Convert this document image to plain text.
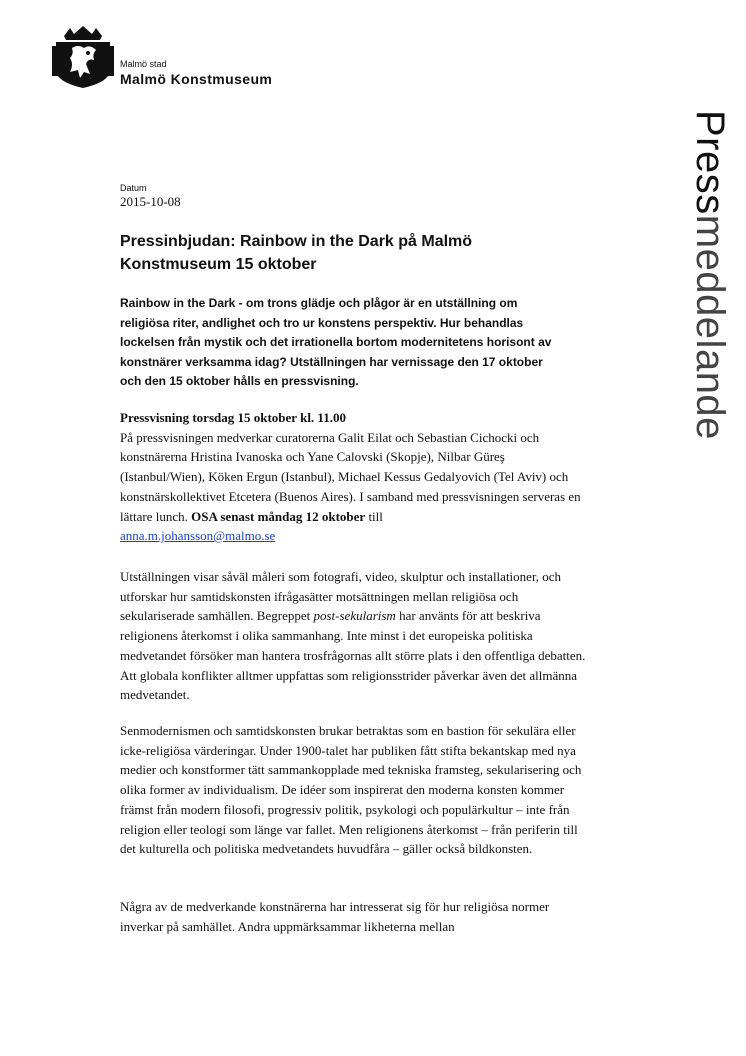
Malmö stad
Malmö Konstmuseum
Pressmeddelande
Datum
2015-10-08
Pressinbjudan: Rainbow in the Dark på Malmö Konstmuseum 15 oktober
Rainbow in the Dark - om trons glädje och plågor är en utställning om religiösa riter, andlighet och tro ur konstens perspektiv. Hur behandlas lockelsen från mystik och det irrationella bortom modernitetens horisont av konstnärer verksamma idag? Utställningen har vernissage den 17 oktober och den 15 oktober hålls en pressvisning.

Pressvisning torsdag 15 oktober kl. 11.00

På pressvisningen medverkar curatorerna Galit Eilat och Sebastian Cichocki och konstnärerna Hristina Ivanoska och Yane Calovski (Skopje), Nilbar Güreş (Istanbul/Wien), Köken Ergun (Istanbul), Michael Kessus Gedalyovich (Tel Aviv) och konstnärskollektivet Etcetera (Buenos Aires). I samband med pressvisningen serveras en lättare lunch. OSA senast måndag 12 oktober till
anna.m.johansson@malmo.se

Utställningen visar såväl måleri som fotografi, video, skulptur och installationer, och utforskar hur samtidskonsten ifrågasätter motsättningen mellan religiösa och sekulariserade samhällen. Begreppet post-sekularism har använts för att beskriva religionens återkomst i olika sammanhang. Inte minst i det europeiska politiska medvetandet försöker man hantera trosfrågornas allt större plats i den offentliga debatten. Att globala konflikter alltmer uppfattas som religionsstrider påverkar även det allmänna medvetandet.
Senmodernismen och samtidskonsten brukar betraktas som en bastion för sekulära eller icke-religiösa värderingar. Under 1900-talet har publiken fått stifta bekantskap med nya medier och konstformer tätt sammankopplade med tekniska framsteg, sekularisering och olika former av individualism. De idéer som inspirerat den moderna konsten kommer främst från modern filosofi, progressiv politik, psykologi och populärkultur – inte från religion eller teologi som länge var fallet. Men religionens återkomst – från periferin till det kulturella och politiska medvetandets huvudfåra – gäller också bildkonsten.
Några av de medverkande konstnärerna har intresserat sig för hur religiösa normer inverkar på samhället. Andra uppmärksammar likheterna mellan
